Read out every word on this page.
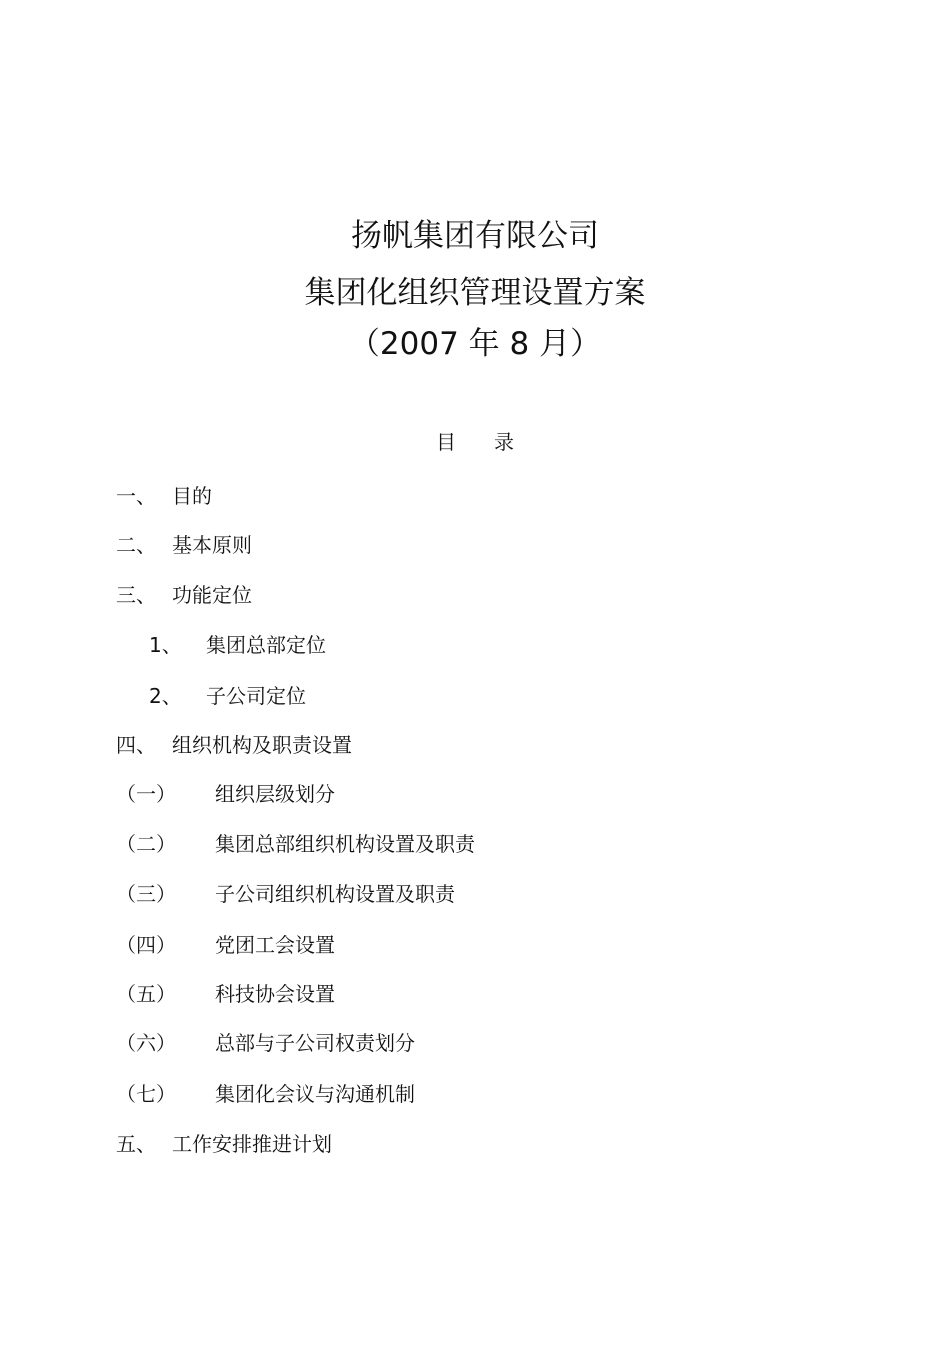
扬帆集团有限公司
集团化组织管理设置方案
（2007 年 8 月）
目 录
一、 目的
二、 基本原则
三、 功能定位
1、 集团总部定位
2、 子公司定位
四、 组织机构及职责设置
（一） 组织层级划分
（二） 集团总部组织机构设置及职责
（三） 子公司组织机构设置及职责
（四） 党团工会设置
（五） 科技协会设置
（六） 总部与子公司权责划分
（七） 集团化会议与沟通机制
五、 工作安排推进计划
